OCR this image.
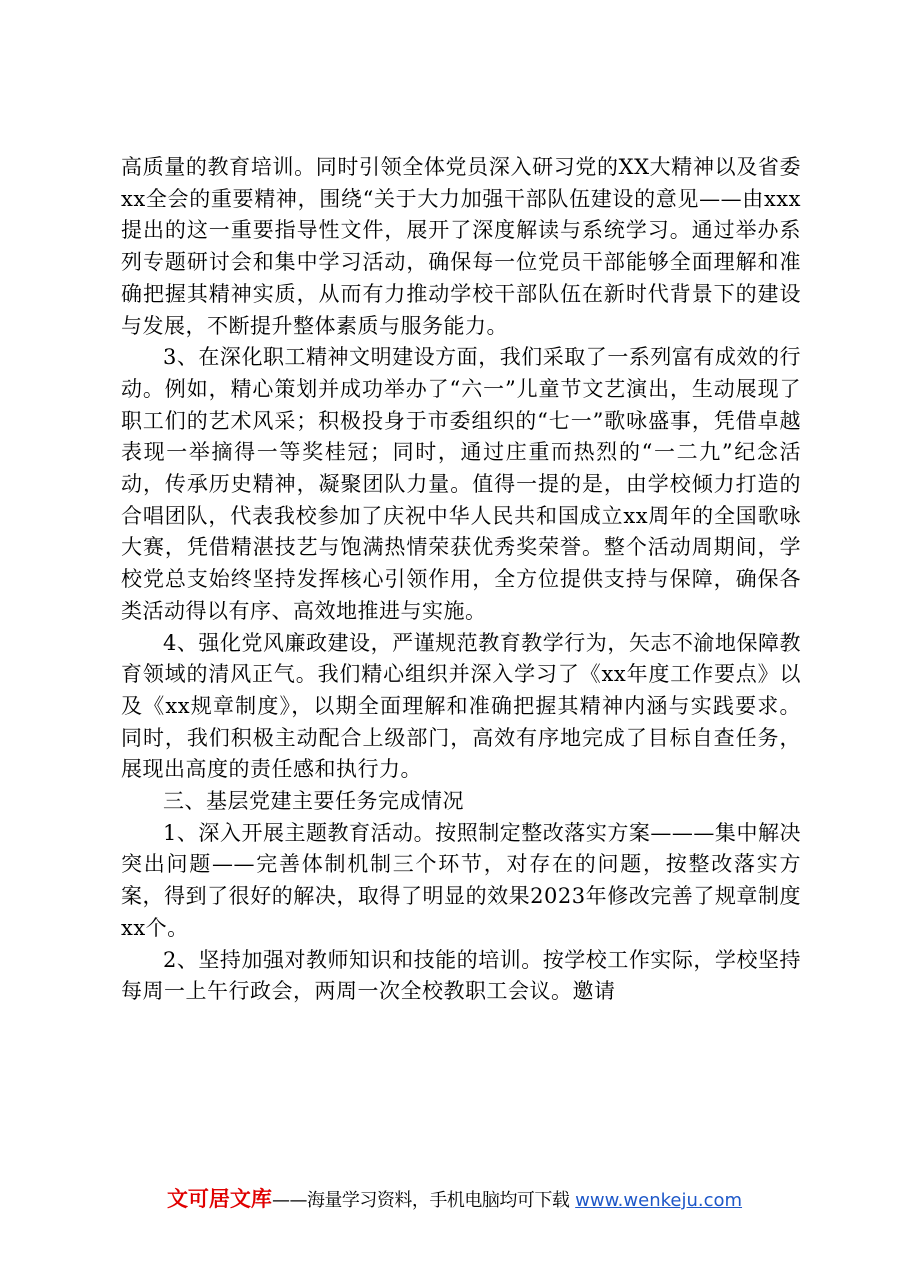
高质量的教育培训。同时引领全体党员深入研习党的XX大精神以及省委xx全会的重要精神，围绕“关于大力加强干部队伍建设的意见——由xxx提出的这一重要指导性文件，展开了深度解读与系统学习。通过举办系列专题研讨会和集中学习活动，确保每一位党员干部能够全面理解和准确把握其精神实质，从而有力推动学校干部队伍在新时代背景下的建设与发展，不断提升整体素质与服务能力。

3、在深化职工精神文明建设方面，我们采取了一系列富有成效的行动。例如，精心策划并成功举办了“六一”儿童节文艺演出，生动展现了职工们的艺术风采；积极投身于市委组织的“七一”歌咏盛事，凭借卓越表现一举摘得一等奖桂冠；同时，通过庄重而热烈的“一二九”纪念活动，传承历史精神，凝聚团队力量。值得一提的是，由学校倾力打造的合唱团队，代表我校参加了庆祝中华人民共和国成立xx周年的全国歌咏大赛，凭借精湛技艺与饱满热情荣获优秀奖荣誉。整个活动周期间，学校党总支始终坚持发挥核心引领作用，全方位提供支持与保障，确保各类活动得以有序、高效地推进与实施。

4、强化党风廉政建设，严谨规范教育教学行为，矢志不渝地保障教育领域的清风正气。我们精心组织并深入学习了《xx年度工作要点》以及《xx规章制度》，以期全面理解和准确把握其精神内涵与实践要求。同时，我们积极主动配合上级部门，高效有序地完成了目标自查任务，展现出高度的责任感和执行力。

三、基层党建主要任务完成情况

1、深入开展主题教育活动。按照制定整改落实方案———集中解决突出问题——完善体制机制三个环节，对存在的问题，按整改落实方案，得到了很好的解决，取得了明显的效果2023年修改完善了规章制度xx个。

2、坚持加强对教师知识和技能的培训。按学校工作实际，学校坚持每周一上午行政会，两周一次全校教职工会议。邀请

文可居文库——海量学习资料，手机电脑均可下载 www.wenkeju.com
